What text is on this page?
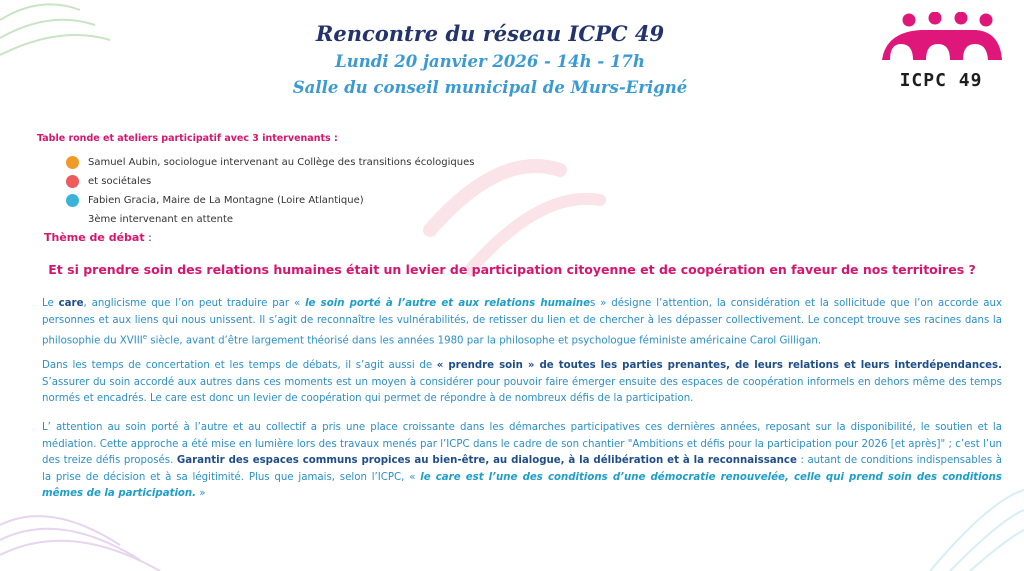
Rencontre du réseau ICPC 49
Lundi 20 janvier 2026 - 14h - 17h
Salle du conseil municipal de Murs-Erigné	ICPC 49
Table ronde et ateliers participatif avec 3 intervenants :
Samuel Aubin, sociologue intervenant au Collège des transitions écologiques
et sociétales
Fabien Gracia, Maire de La Montagne (Loire Atlantique)
3ème intervenant en attente
Thème de débat :
Et si prendre soin des relations humaines était un levier de participation citoyenne et de coopération en faveur de nos territoires ?
Le care, anglicisme que l’on peut traduire par « le soin porté à l’autre et aux relations humaines » désigne l’attention, la considération et la sollicitude que l’on accorde aux personnes et aux liens qui nous unissent. Il s’agit de reconnaître les vulnérabilités, de retisser du lien et de chercher à les dépasser collectivement. Le concept trouve ses racines dans la philosophie du XVIIIe siècle, avant d’être largement théorisé dans les années 1980 par la philosophe et psychologue féministe américaine Carol Gilligan.
Dans les temps de concertation et les temps de débats, il s’agit aussi de « prendre soin » de toutes les parties prenantes, de leurs relations et leurs interdépendances. S’assurer du soin accordé aux autres dans ces moments est un moyen à considérer pour pouvoir faire émerger ensuite des espaces de coopération informels en dehors même des temps normés et encadrés. Le care est donc un levier de coopération qui permet de répondre à de nombreux défis de la participation.
L’ attention au soin porté à l’autre et au collectif a pris une place croissante dans les démarches participatives ces dernières années, reposant sur la disponibilité, le soutien et la médiation. Cette approche a été mise en lumière lors des travaux menés par l’ICPC dans le cadre de son chantier "Ambitions et défis pour la participation pour 2026 [et après]" ; c’est l’un des treize défis proposés. Garantir des espaces communs propices au bien-être, au dialogue, à la délibération et à la reconnaissance : autant de conditions indispensables à la prise de décision et à sa légitimité. Plus que jamais, selon l’ICPC, « le care est l’une des conditions d’une démocratie renouvelée, celle qui prend soin des conditions mêmes de la participation. »
